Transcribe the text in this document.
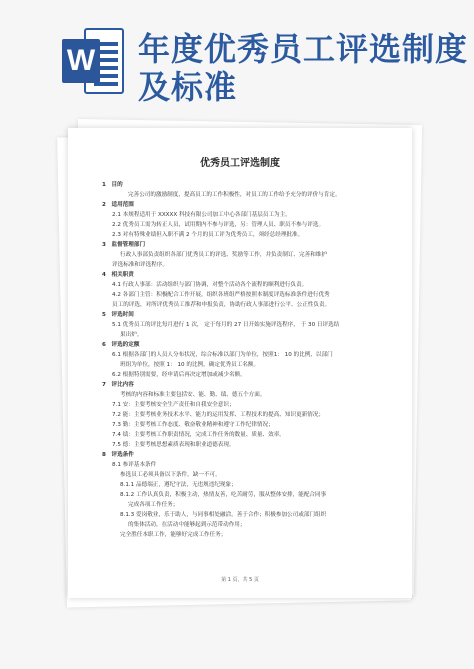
W 年度优秀员工评选制度及标准
优秀员工评选制度
1　目的
完善公司的激励制度，提高员工的工作积极性，对员工的工作给予充分的评价与肯定。
2　适用范围
2.1 本规程适用于 XXXXX 科技有限公司加工中心各部门基层员工为主。
2.2 优秀员工需为转正人员，试用期内不参与评选，另：管理人员、职员不参与评选。
2.3 对有特殊业绩但入职不满 2 个月的员工评为优秀员工，须经总经理批准。
3　监督管理部门
行政人事部负责组织各部门优秀员工的评选、奖励等工作，并负责制订、完善和维护
评选标准和评选程序。
4　相关职责
4.1 行政人事部：活动组织与部门协调，对整个活动各个流程的顺利进行负责。
4.2 各部门主管：积极配合工作开展，组织各班组严格按照本制度评选标准条件进行优秀
员工的评选，对所评优秀员工推荐和申报负责，协助行政人事部进行公平、公正性负责。
5　评选时间
5.1 优秀员工的评比每月进行 1 次， 定于每月的 27 日开始实施评选程序， 于 30 日评选结
果出炉。
6　评选的定额
6.1 根据各部门的人员人分布状况，综合标准以部门为单位，按照1： 10 的比例，以部门
班组为单位，按照 1： 10 的比例，确定优秀员工名额。
6.2 根据特别需要，经申请后再决定增加或减少名额。
7　评比内容
考核的内容和标准主要包括安、能、勤、绩、德五个方面。
7.1 安：主要考核安全生产责任和自我安全意识；
7.2 能：主要考核业务技术水平、能力的运用发挥、工程技术的提高、知识更新情况；
7.3 勤：主要考核工作态度、敬奋敬业精神和遵守工作纪律情况；
7.4 绩：主要考核工作职责情况，完成工作任务的数量、质量、效率。
7.5 德：主要考核思想素质表现和职业道德表现。
8　评选条件
8.1 参评基本条件
参选员工必须具备以下条件，缺一不可。
8.1.1 品德端正，遵纪守法，无违规违纪现象；
8.1.2 工作认真负责，积极主动，热情友善，吃苦耐劳，服从整体安排，能配合同事
完成各项工作任务；
8.1.3 爱岗敬业，乐于助人，与同事相处融洽，善于合作；积极参加公司或部门组织
的集体活动，在活动中能够起到示范带动作用；
完全胜任本职工作，能够好完成工作任务；
第 1 页，共 5 页
